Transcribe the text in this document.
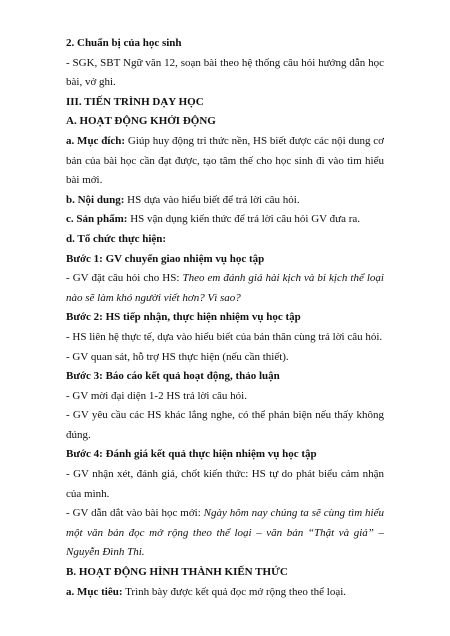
2. Chuẩn bị của học sinh

- SGK, SBT Ngữ văn 12, soạn bài theo hệ thống câu hỏi hướng dẫn học bài, vở ghi.

III. TIẾN TRÌNH DẠY HỌC

A. HOẠT ĐỘNG KHỞI ĐỘNG

a. Mục đích: Giúp huy động tri thức nền, HS biết được các nội dung cơ bản của bài học cần đạt được, tạo tâm thế cho học sinh đi vào tìm hiểu bài mới.

b. Nội dung: HS dựa vào hiểu biết để trả lời câu hỏi.

c. Sản phẩm: HS vận dụng kiến thức để trả lời câu hỏi GV đưa ra.

d. Tổ chức thực hiện:

Bước 1: GV chuyển giao nhiệm vụ học tập

- GV đặt câu hỏi cho HS: Theo em đánh giá hài kịch và bi kịch thể loại nào sẽ làm khó người viết hơn? Vì sao?

Bước 2: HS tiếp nhận, thực hiện nhiệm vụ học tập

- HS liên hệ thực tế, dựa vào hiểu biết của bản thân cùng trả lời câu hỏi.

- GV quan sát, hỗ trợ HS thực hiện (nếu cần thiết).

Bước 3: Báo cáo kết quả hoạt động, thảo luận

- GV mời đại diện 1-2 HS trả lời câu hỏi.

- GV yêu cầu các HS khác lắng nghe, có thể phản biện nếu thấy không đúng.

Bước 4: Đánh giá kết quả thực hiện nhiệm vụ học tập

- GV nhận xét, đánh giá, chốt kiến thức: HS tự do phát biểu cảm nhận của mình.

- GV dẫn dắt vào bài học mới: Ngày hôm nay chúng ta sẽ cùng tìm hiểu một văn bản đọc mở rộng theo thể loại – văn bản “Thật và giả” – Nguyễn Đình Thi.

B. HOẠT ĐỘNG HÌNH THÀNH KIẾN THỨC

a. Mục tiêu: Trình bày được kết quả đọc mở rộng theo thể loại.
